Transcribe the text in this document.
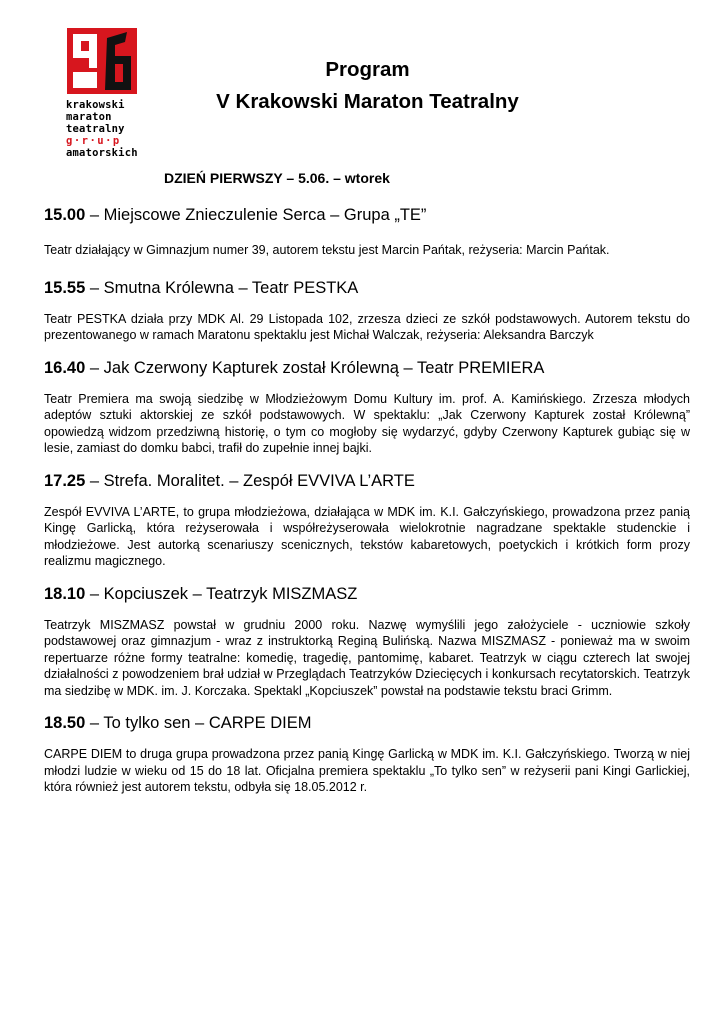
krakowski
maraton
teatralny
g·r·u·p
amatorskich
Program
V Krakowski Maraton Teatralny
DZIEŃ PIERWSZY – 5.06. – wtorek
15.00 – Miejscowe Znieczulenie Serca – Grupa „TE”

Teatr działający w Gimnazjum numer 39, autorem tekstu jest Marcin Pańtak, reżyseria: Marcin Pańtak.

15.55 – Smutna Królewna – Teatr PESTKA

Teatr PESTKA działa przy MDK Al. 29 Listopada 102, zrzesza dzieci ze szkół podstawowych. Autorem tekstu do prezentowanego w ramach Maratonu spektaklu jest Michał Walczak, reżyseria: Aleksandra Barczyk

16.40 – Jak Czerwony Kapturek został Królewną – Teatr PREMIERA

Teatr Premiera ma swoją siedzibę w Młodzieżowym Domu Kultury im. prof. A. Kamińskiego. Zrzesza młodych adeptów sztuki aktorskiej ze szkół podstawowych. W spektaklu: „Jak Czerwony Kapturek został Królewną” opowiedzą widzom przedziwną historię, o tym co mogłoby się wydarzyć, gdyby Czerwony Kapturek gubiąc się w lesie, zamiast do domku babci, trafił do zupełnie innej bajki.

17.25 – Strefa. Moralitet. – Zespół EVVIVA L’ARTE

Zespół EVVIVA L’ARTE, to grupa młodzieżowa, działająca w MDK im. K.I. Gałczyńskiego, prowadzona przez panią Kingę Garlicką, która reżyserowała i współreżyserowała wielokrotnie nagradzane spektakle studenckie i młodzieżowe. Jest autorką scenariuszy scenicznych, tekstów kabaretowych, poetyckich i krótkich form prozy realizmu magicznego.

18.10 – Kopciuszek – Teatrzyk MISZMASZ

Teatrzyk MISZMASZ powstał w grudniu 2000 roku. Nazwę wymyślili jego założyciele - uczniowie szkoły podstawowej oraz gimnazjum - wraz z instruktorką Reginą Bulińską. Nazwa MISZMASZ - ponieważ ma w swoim repertuarze różne formy teatralne: komedię, tragedię, pantomimę, kabaret. Teatrzyk w ciągu czterech lat swojej działalności z powodzeniem brał udział w Przeglądach Teatrzyków Dziecięcych i konkursach recytatorskich. Teatrzyk ma siedzibę w MDK. im. J. Korczaka. Spektakl „Kopciuszek” powstał na podstawie tekstu braci Grimm.

18.50 – To tylko sen – CARPE DIEM

CARPE DIEM to druga grupa prowadzona przez panią Kingę Garlicką w MDK im. K.I. Gałczyńskiego. Tworzą w niej młodzi ludzie w wieku od 15 do 18 lat. Oficjalna premiera spektaklu „To tylko sen” w reżyserii pani Kingi Garlickiej, która również jest autorem tekstu, odbyła się 18.05.2012 r.
